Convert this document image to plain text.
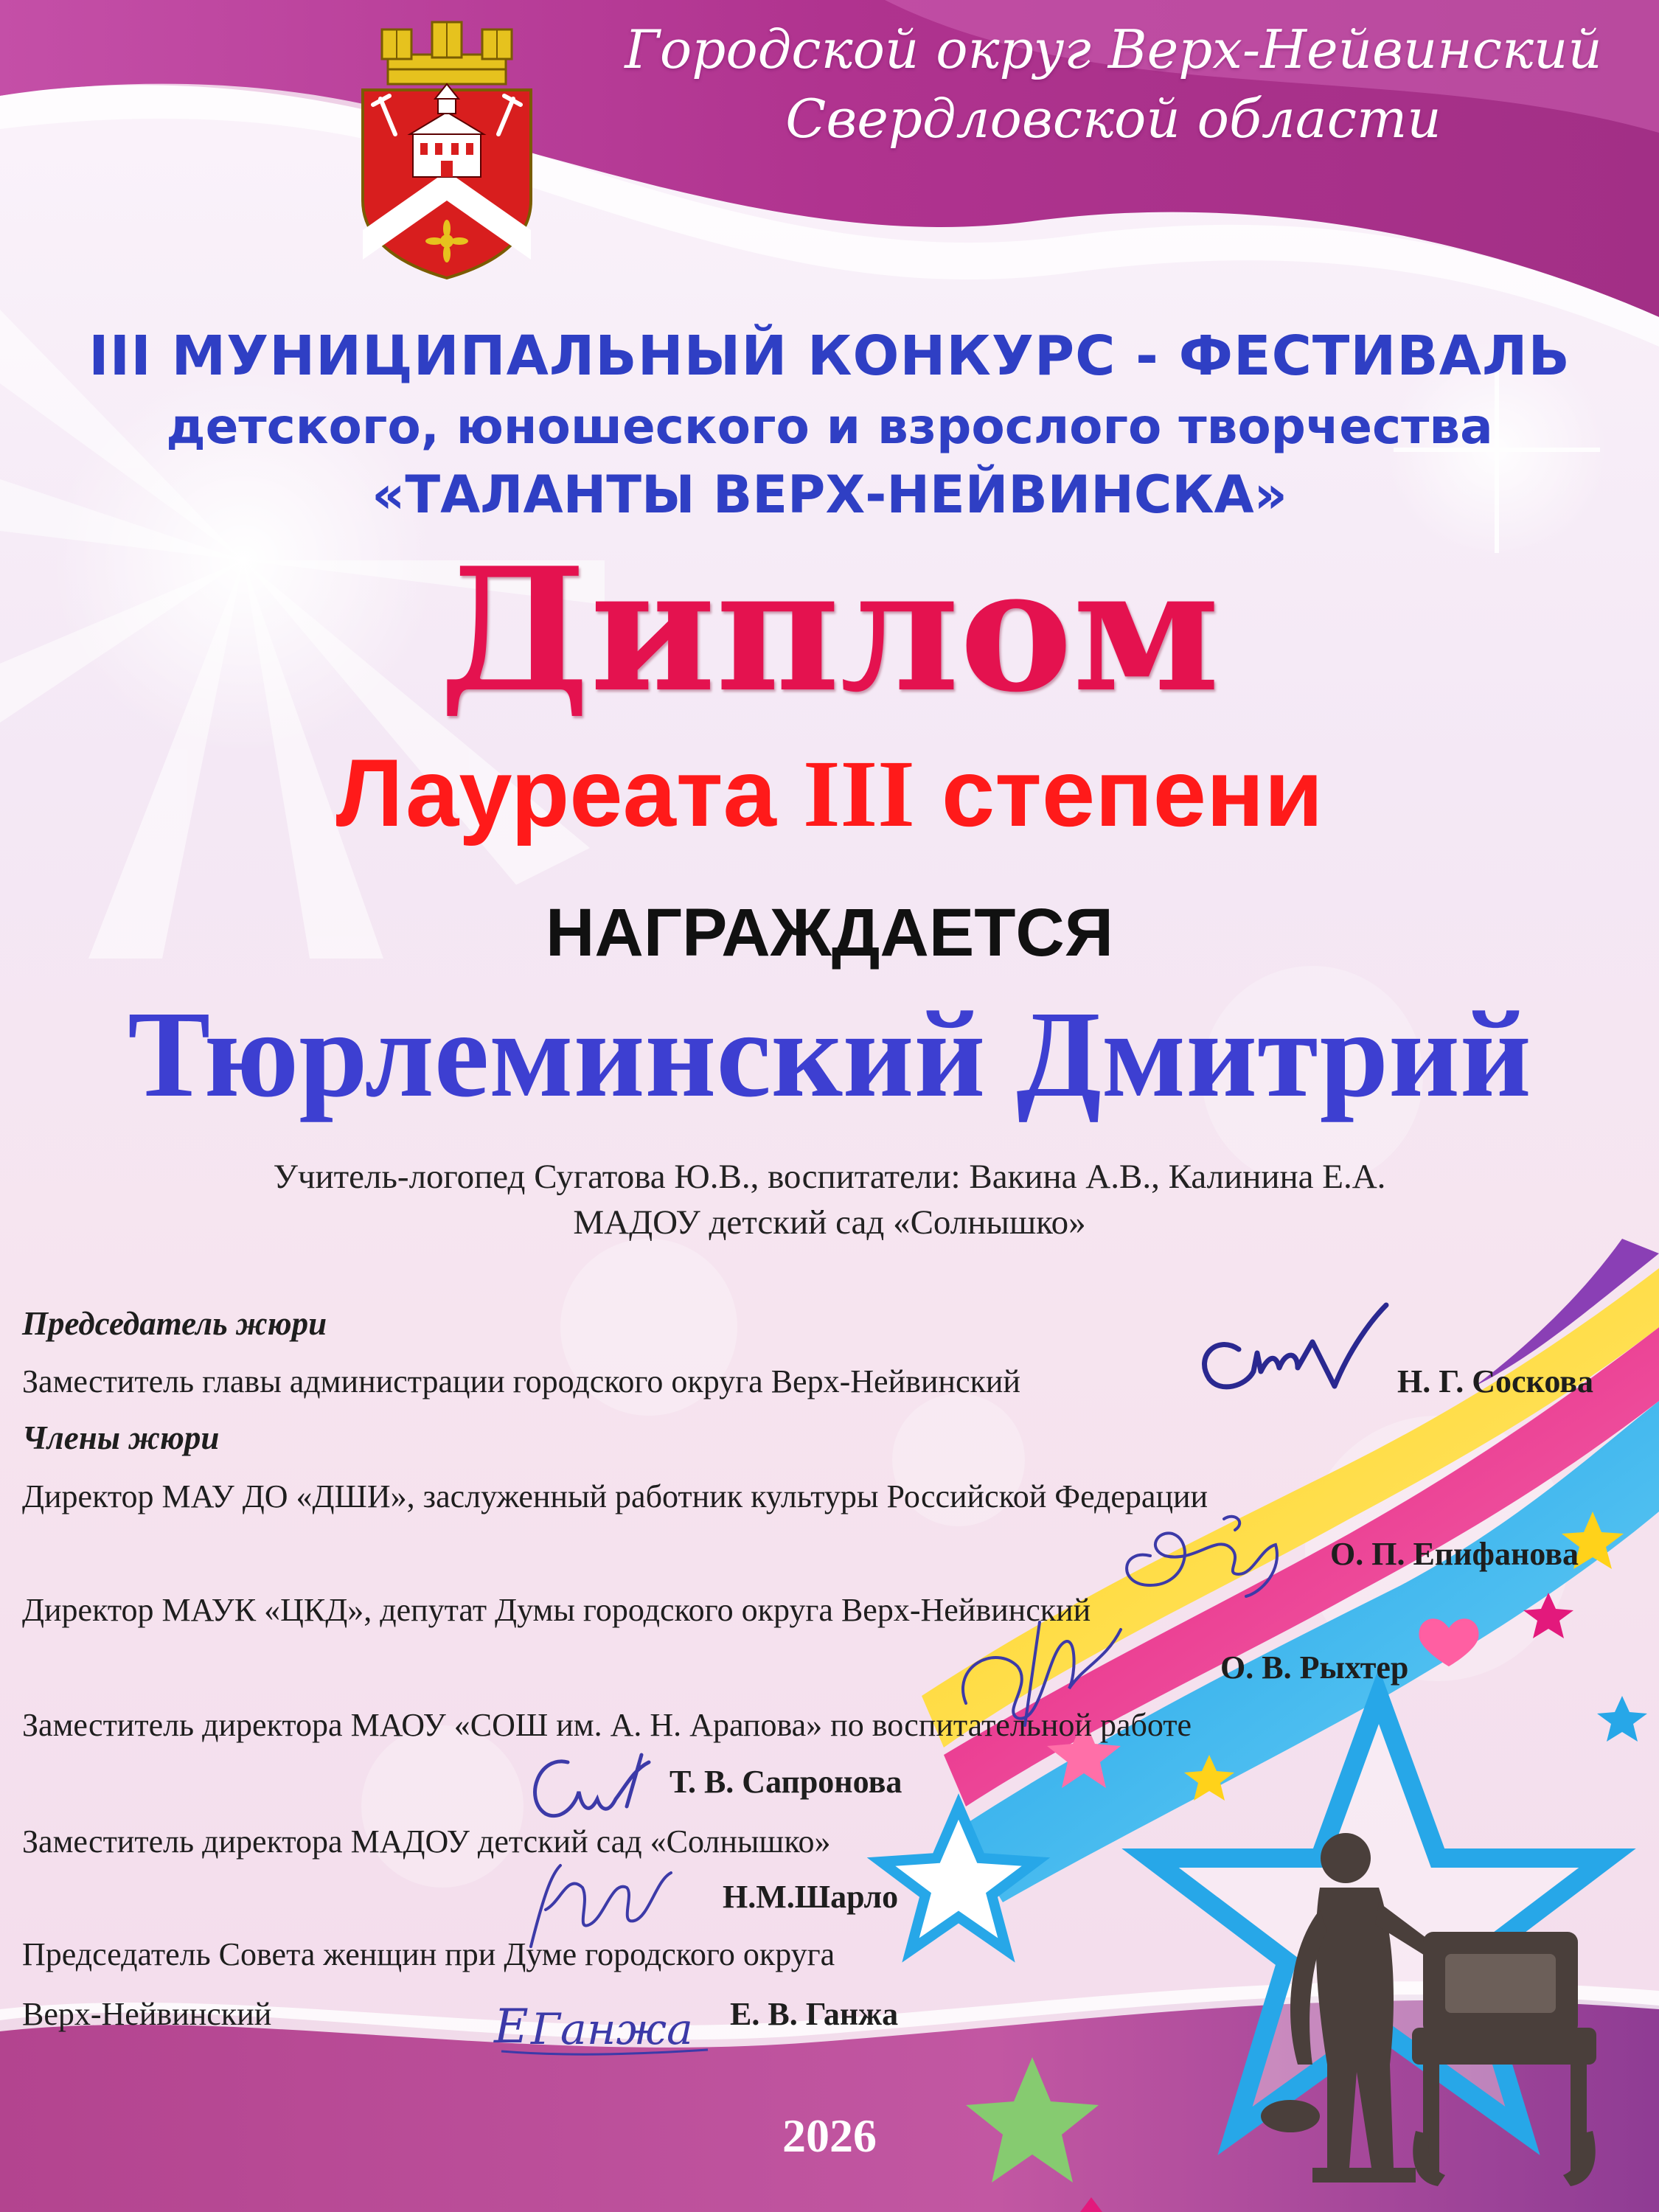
Городской округ Верх-Нейвинский
Свердловской области
III МУНИЦИПАЛЬНЫЙ КОНКУРС - ФЕСТИВАЛЬ
детского, юношеского и взрослого творчества
«ТАЛАНТЫ ВЕРХ-НЕЙВИНСКА»
Диплом
Лауреата III степени
НАГРАЖДАЕТСЯ
Тюрлеминский Дмитрий
Учитель-логопед Сугатова Ю.В., воспитатели: Вакина А.В., Калинина Е.А.
МАДОУ детский сад «Солнышко»
Председатель жюри
Заместитель главы администрации городского округа Верх-Нейвинский	Н. Г. Соскова
Члены жюри
Директор МАУ ДО «ДШИ», заслуженный работник культуры Российской Федерации
О. П. Епифанова
Директор МАУК «ЦКД», депутат Думы городского округа Верх-Нейвинский
О. В. Рыхтер
Заместитель директора МАОУ «СОШ им. А. Н. Арапова» по воспитательной работе
Т. В. Сапронова
Заместитель директора МАДОУ детский сад «Солнышко»
Н.М.Шарло
Председатель Совета женщин при Думе городского округа
Верх-Нейвинский	Е. В. Ганжа
E Ганжа
2026
